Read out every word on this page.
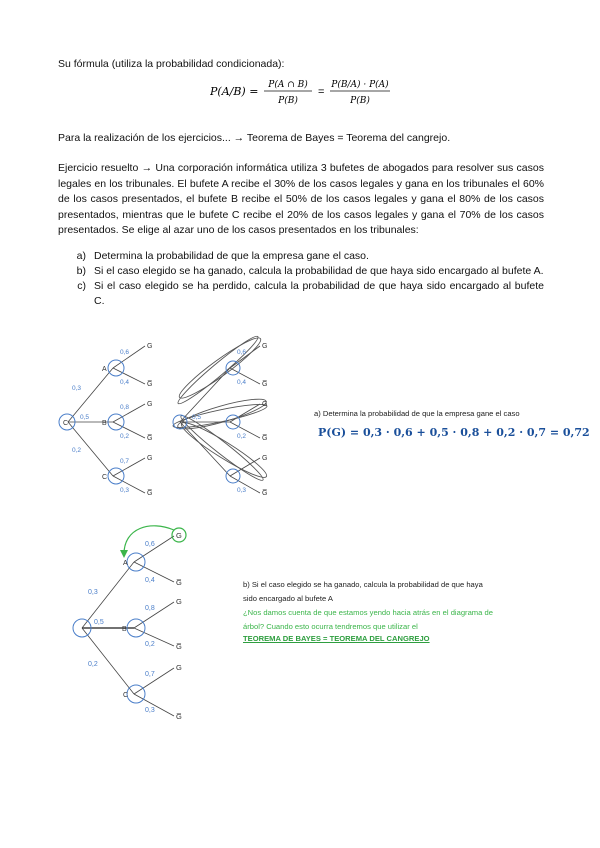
Su fórmula (utiliza la probabilidad condicionada):
P(A/B) = P(A ∩ B)
P(B)
=
P(B/A) · P(A)
P(B)
Para la realización de los ejercicios... → Teorema de Bayes = Teorema del cangrejo.
Ejercicio resuelto → Una corporación informática utiliza 3 bufetes de abogados para resolver sus casos legales en los tribunales. El bufete A recibe el 30% de los casos legales y gana en los tribunales el 60% de los casos presentados, el bufete B recibe el 50% de los casos legales y gana el 80% de los casos presentados, mientras que le bufete C recibe el 20% de los casos legales y gana el 70% de los casos presentados. Se elige al azar uno de los casos presentados en los tribunales:
a) Determina la probabilidad de que la empresa gane el caso.
b) Si el caso elegido se ha ganado, calcula la probabilidad de que haya sido encargado al bufete A.
c) Si el caso elegido se ha perdido, calcula la probabilidad de que haya sido encargado al bufete C.
C
A
B
C
0,3
0,5
0,2
0,6
0,4
0,8
0,2
0,7
0,3
G
G̅
G
G̅
G
G̅
0,6
0,4
0,5
0,2
0,3
G
G̅
G
G̅
G
G̅
a) Determina la probabilidad de que la empresa gane el caso
P(G) = 0,3 · 0,6 + 0,5 · 0,8 + 0,2 · 0,7 = 0,72
A
B
C
0,3
0,5
0,2
0,6
0,4
0,8
0,2
0,7
0,3
G
G̅
G
G̅
G
G̅
b) Si el caso elegido se ha ganado, calcula la probabilidad de que haya sido encargado al bufete A
¿Nos damos cuenta de que estamos yendo hacia atrás en el diagrama de árbol? Cuando esto ocurra tendremos que utilizar el
TEOREMA DE BAYES = TEOREMA DEL CANGREJO
